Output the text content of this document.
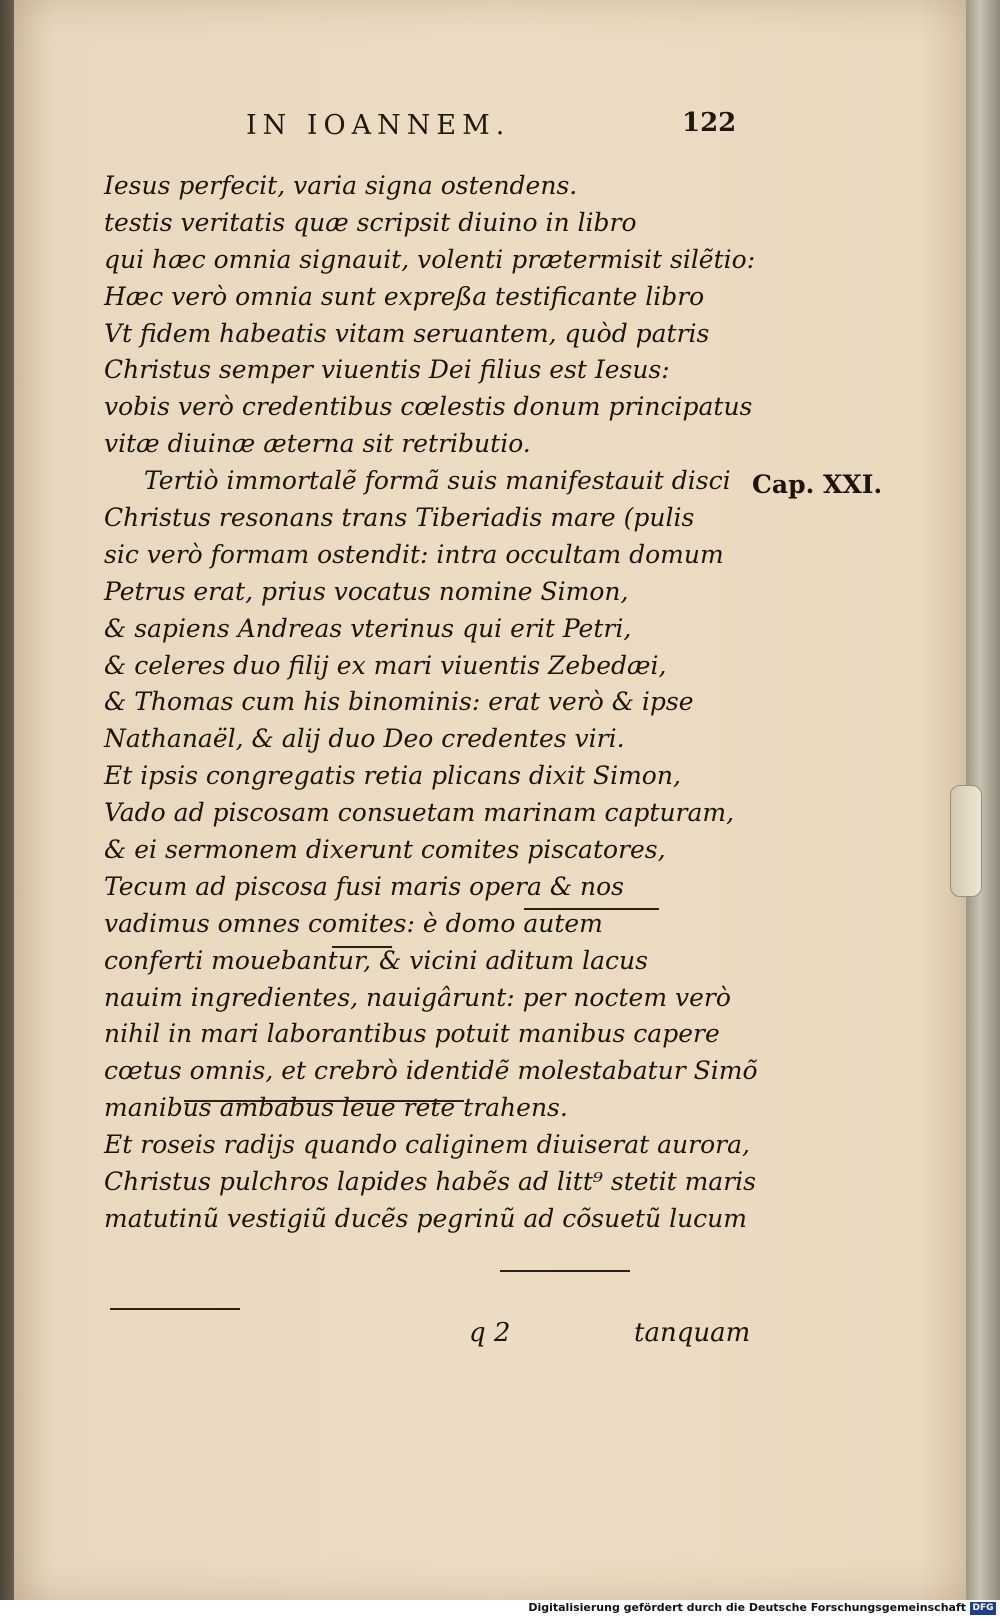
IN IOANNEM.	122
Iesus perfecit, varia signa ostendens.
testis veritatis quæ scripsit diuino in libro
qui hæc omnia signauit, volenti prætermisit silẽtio:
Hæc verò omnia sunt expreßa testificante libro
Vt fidem habeatis vitam seruantem, quòd patris
Christus semper viuentis Dei filius est Iesus:
vobis verò credentibus cœlestis donum principatus
vitæ diuinæ æterna sit retributio.
Tertiò immortalẽ formã suis manifestauit disci
Christus resonans trans Tiberiadis mare (pulis
sic verò formam ostendit: intra occultam domum
Petrus erat, prius vocatus nomine Simon,
& sapiens Andreas vterinus qui erit Petri,
& celeres duo filij ex mari viuentis Zebedæi,
& Thomas cum his binominis: erat verò & ipse
Nathanaël, & alij duo Deo credentes viri.
Et ipsis congregatis retia plicans dixit Simon,
Vado ad piscosam consuetam marinam capturam,
& ei sermonem dixerunt comites piscatores,
Tecum ad piscosa fusi maris opera & nos
vadimus omnes comites: è domo autem
conferti mouebantur, & vicini aditum lacus
nauim ingredientes, nauigârunt: per noctem verò
nihil in mari laborantibus potuit manibus capere
cœtus omnis, et crebrò identidẽ molestabatur Simõ
manibus ambabus leue rete trahens.
Et roseis radijs quando caliginem diuiserat aurora,
Christus pulchros lapides habẽs ad litt⁹ stetit maris
matutinũ vestigiũ ducẽs pegrinũ ad cõsuetũ lucum
Cap. XXI.
q 2	tanquam
Digitalisierung gefördert durch die Deutsche Forschungsgemeinschaft DFG
